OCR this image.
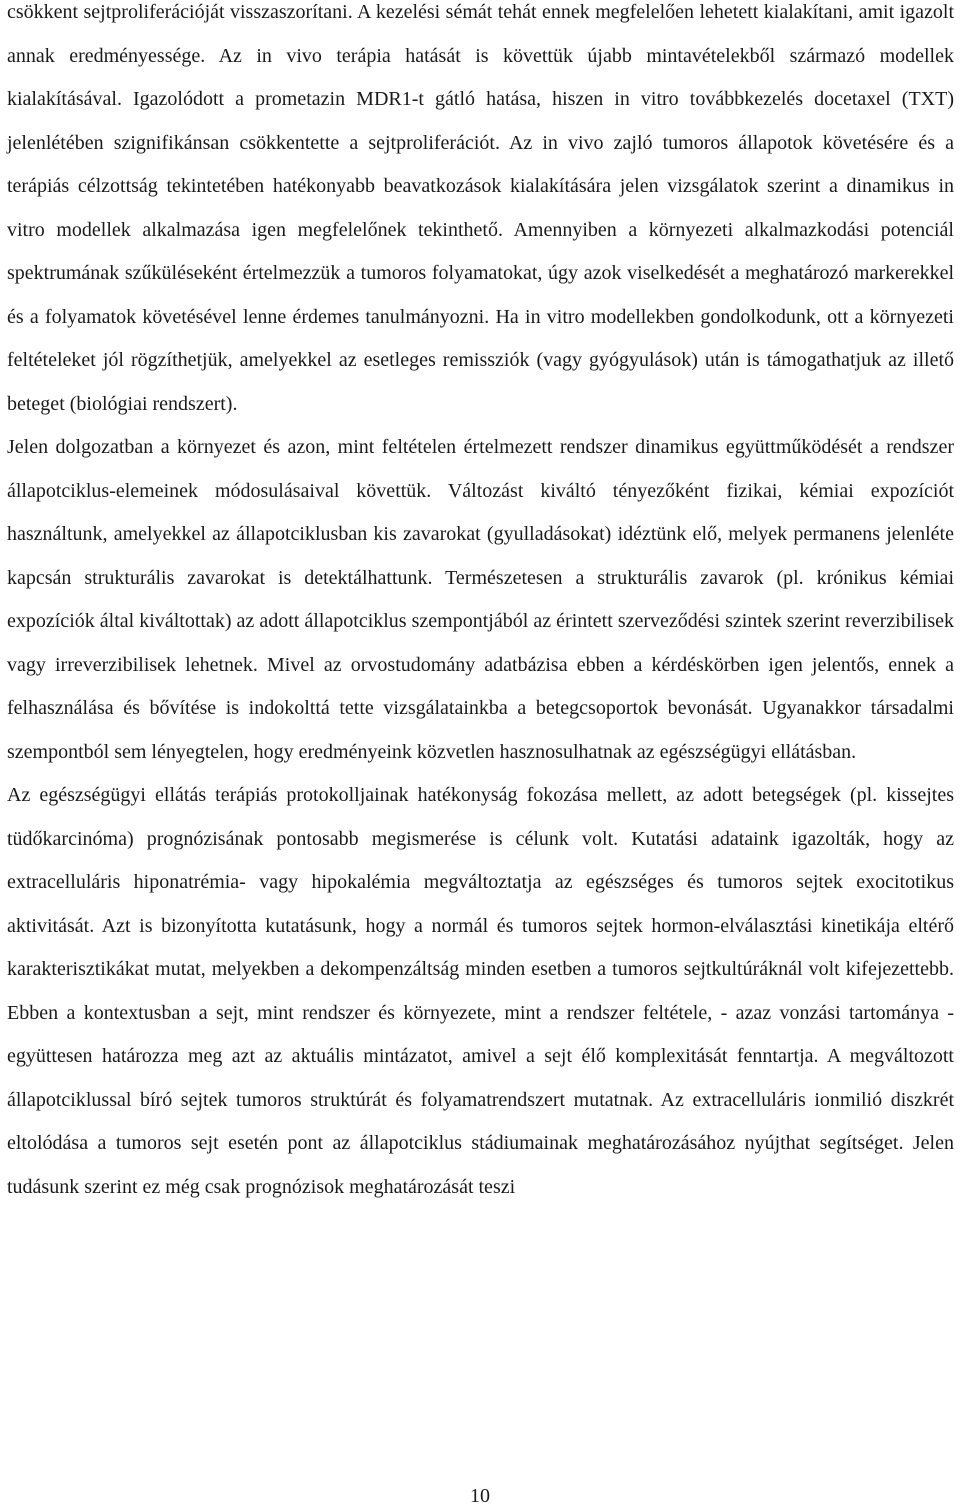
csökkent sejtproliferációját visszaszorítani. A kezelési sémát tehát ennek megfelelően lehetett kialakítani, amit igazolt annak eredményessége. Az in vivo terápia hatását is követtük újabb mintavételekből származó modellek kialakításával. Igazolódott a prometazin MDR1-t gátló hatása, hiszen in vitro továbbkezelés docetaxel (TXT) jelenlétében szignifikánsan csökkentette a sejtproliferációt. Az in vivo zajló tumoros állapotok követésére és a terápiás célzottság tekintetében hatékonyabb beavatkozások kialakítására jelen vizsgálatok szerint a dinamikus in vitro modellek alkalmazása igen megfelelőnek tekinthető. Amennyiben a környezeti alkalmazkodási potenciál spektrumának szűküléseként értelmezzük a tumoros folyamatokat, úgy azok viselkedését a meghatározó markerekkel és a folyamatok követésével lenne érdemes tanulmányozni. Ha in vitro modellekben gondolkodunk, ott a környezeti feltételeket jól rögzíthetjük, amelyekkel az esetleges remissziók (vagy gyógyulások) után is támogathatjuk az illető beteget (biológiai rendszert).

Jelen dolgozatban a környezet és azon, mint feltételen értelmezett rendszer dinamikus együttműködését a rendszer állapotciklus-elemeinek módosulásaival követtük. Változást kiváltó tényezőként fizikai, kémiai expozíciót használtunk, amelyekkel az állapotciklusban kis zavarokat (gyulladásokat) idéztünk elő, melyek permanens jelenléte kapcsán strukturális zavarokat is detektálhattunk. Természetesen a strukturális zavarok (pl. krónikus kémiai expozíciók által kiváltottak) az adott állapotciklus szempontjából az érintett szerveződési szintek szerint reverzibilisek vagy irreverzibilisek lehetnek. Mivel az orvostudomány adatbázisa ebben a kérdéskörben igen jelentős, ennek a felhasználása és bővítése is indokolttá tette vizsgálatainkba a betegcsoportok bevonását. Ugyanakkor társadalmi szempontból sem lényegtelen, hogy eredményeink közvetlen hasznosulhatnak az egészségügyi ellátásban.

Az egészségügyi ellátás terápiás protokolljainak hatékonyság fokozása mellett, az adott betegségek (pl. kissejtes tüdőkarcinóma) prognózisának pontosabb megismerése is célunk volt. Kutatási adataink igazolták, hogy az extracelluláris hiponatrémia- vagy hipokalémia megváltoztatja az egészséges és tumoros sejtek exocitotikus aktivitását. Azt is bizonyította kutatásunk, hogy a normál és tumoros sejtek hormon-elválasztási kinetikája eltérő karakterisztikákat mutat, melyekben a dekompenzáltság minden esetben a tumoros sejtkultúráknál volt kifejezettebb. Ebben a kontextusban a sejt, mint rendszer és környezete, mint a rendszer feltétele, - azaz vonzási tartománya - együttesen határozza meg azt az aktuális mintázatot, amivel a sejt élő komplexitását fenntartja. A megváltozott állapotciklussal bíró sejtek tumoros struktúrát és folyamatrendszert mutatnak. Az extracelluláris ionmilió diszkrét eltolódása a tumoros sejt esetén pont az állapotciklus stádiumainak meghatározásához nyújthat segítséget. Jelen tudásunk szerint ez még csak prognózisok meghatározását teszi

10
